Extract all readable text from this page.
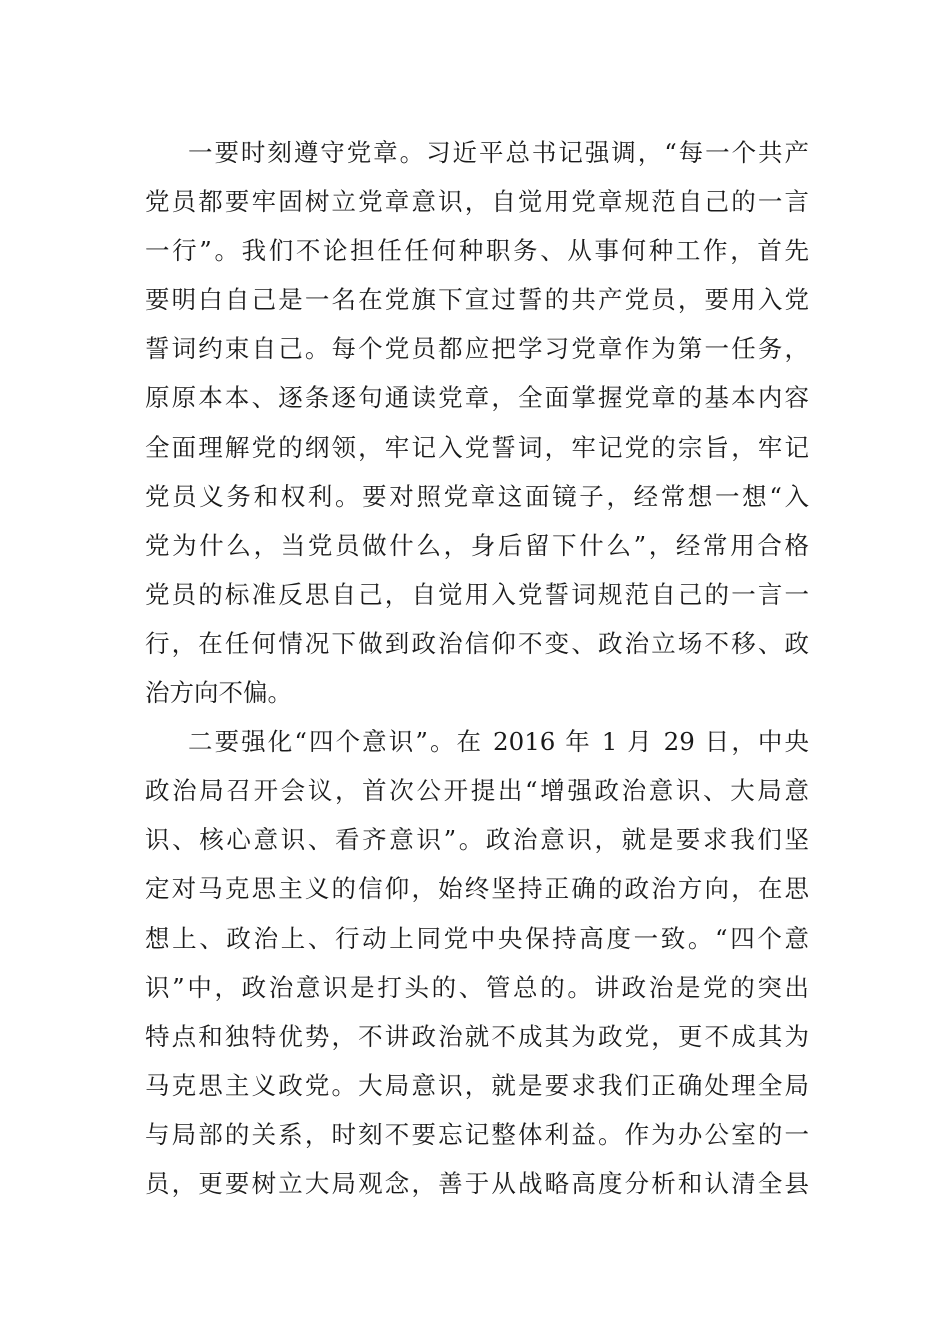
一要时刻遵守党章。习近平总书记强调，“每一个共产
党员都要牢固树立党章意识，自觉用党章规范自己的一言
一行”。我们不论担任任何种职务、从事何种工作，首先
要明白自己是一名在党旗下宣过誓的共产党员，要用入党
誓词约束自己。每个党员都应把学习党章作为第一任务，
原原本本、逐条逐句通读党章，全面掌握党章的基本内容
全面理解党的纲领，牢记入党誓词，牢记党的宗旨，牢记
党员义务和权利。要对照党章这面镜子，经常想一想“入
党为什么，当党员做什么，身后留下什么”，经常用合格
党员的标准反思自己，自觉用入党誓词规范自己的一言一
行，在任何情况下做到政治信仰不变、政治立场不移、政
治方向不偏。
二要强化“四个意识”。在 2016 年 1 月 29 日，中央
政治局召开会议，首次公开提出“增强政治意识、大局意
识、核心意识、看齐意识”。政治意识，就是要求我们坚
定对马克思主义的信仰，始终坚持正确的政治方向，在思
想上、政治上、行动上同党中央保持高度一致。“四个意
识”中，政治意识是打头的、管总的。讲政治是党的突出
特点和独特优势，不讲政治就不成其为政党，更不成其为
马克思主义政党。大局意识，就是要求我们正确处理全局
与局部的关系，时刻不要忘记整体利益。作为办公室的一
员，更要树立大局观念，善于从战略高度分析和认清全县
